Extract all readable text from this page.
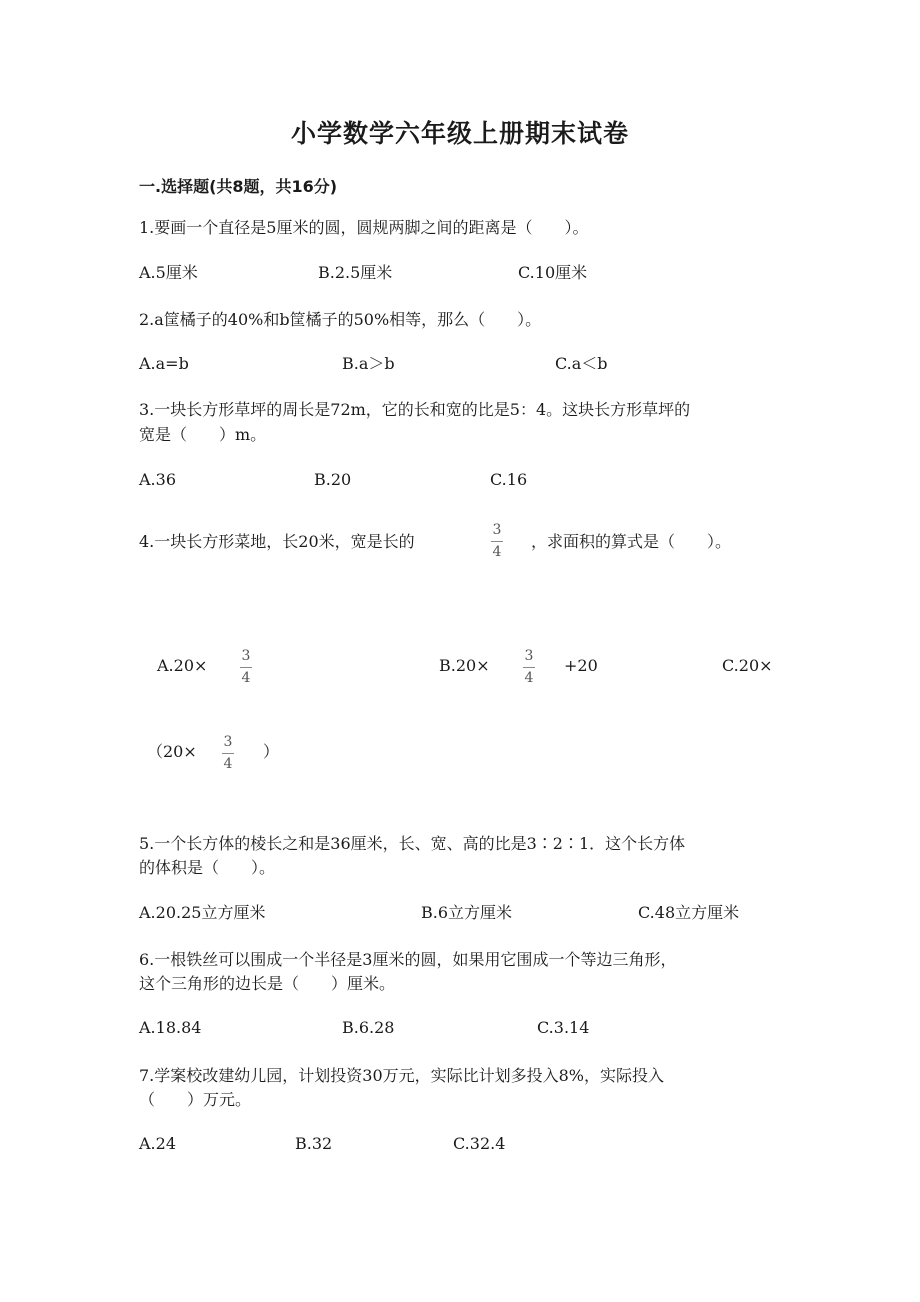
小学数学六年级上册期末试卷
一.选择题(共8题，共16分)
1.要画一个直径是5厘米的圆，圆规两脚之间的距离是（　　）。
A.5厘米	B.2.5厘米	C.10厘米
2.a筐橘子的40%和b筐橘子的50%相等，那么（　　）。
A.a=b	B.a＞b	C.a＜b
3.一块长方形草坪的周长是72m，它的长和宽的比是5：4。这块长方形草坪的
宽是（　　）m。
A.36	B.20	C.16
4.一块长方形菜地，长20米，宽是长的
3
4
，求面积的算式是（　　）。
A.20× 3
4
B.20× 3
4
+20	C.20×
（20× 3
4
）
5.一个长方体的棱长之和是36厘米，长、宽、高的比是3∶2∶1．这个长方体
的体积是（　　）。
A.20.25立方厘米	B.6立方厘米	C.48立方厘米
6.一根铁丝可以围成一个半径是3厘米的圆，如果用它围成一个等边三角形，
这个三角形的边长是（　　）厘米。
A.18.84	B.6.28	C.3.14
7.学案校改建幼儿园，计划投资30万元，实际比计划多投入8%，实际投入
（　　）万元。
A.24	B.32	C.32.4
